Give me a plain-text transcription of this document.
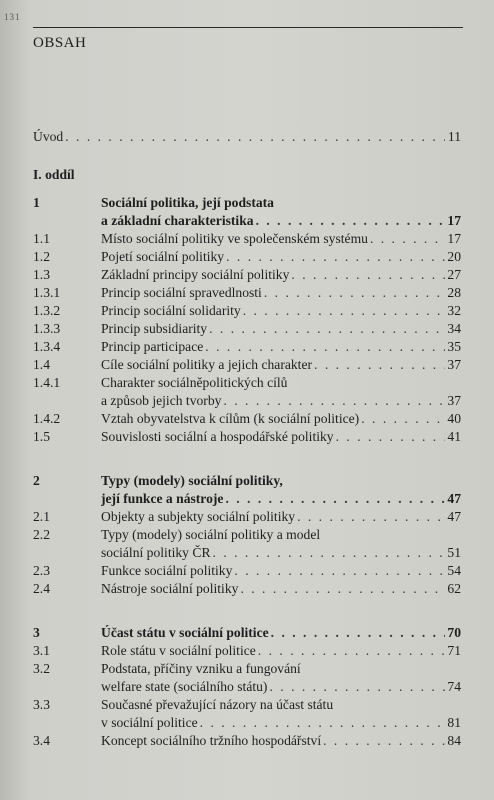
131
OBSAH
Úvod . . .	11
I. oddíl
1	Sociální politika, její podstata
a základní charakteristika . . .	17
1.1	Místo sociální politiky ve společenském systému . . .	17
1.2	Pojetí sociální politiky . . .	20
1.3	Základní principy sociální politiky . . .	27
1.3.1	Princip sociální spravedlnosti . . .	28
1.3.2	Princip sociální solidarity . . .	32
1.3.3	Princip subsidiarity . . .	34
1.3.4	Princip participace . . .	35
1.4	Cíle sociální politiky a jejich charakter . . .	37
1.4.1	Charakter sociálněpolitických cílů
a způsob jejich tvorby . . .	37
1.4.2	Vztah obyvatelstva k cílům (k sociální politice) . . .	40
1.5	Souvislosti sociální a hospodářské politiky . . .	41
2	Typy (modely) sociální politiky,
její funkce a nástroje . . .	47
2.1	Objekty a subjekty sociální politiky . . .	47
2.2	Typy (modely) sociální politiky a model
sociální politiky ČR . . .	51
2.3	Funkce sociální politiky . . .	54
2.4	Nástroje sociální politiky . . .	62
3	Účast státu v sociální politice . . .	70
3.1	Role státu v sociální politice . . .	71
3.2	Podstata, příčiny vzniku a fungování
welfare state (sociálního státu) . . .	74
3.3	Současné převažující názory na účast státu
v sociální politice . . .	81
3.4	Koncept sociálního tržního hospodářství . . .	84
